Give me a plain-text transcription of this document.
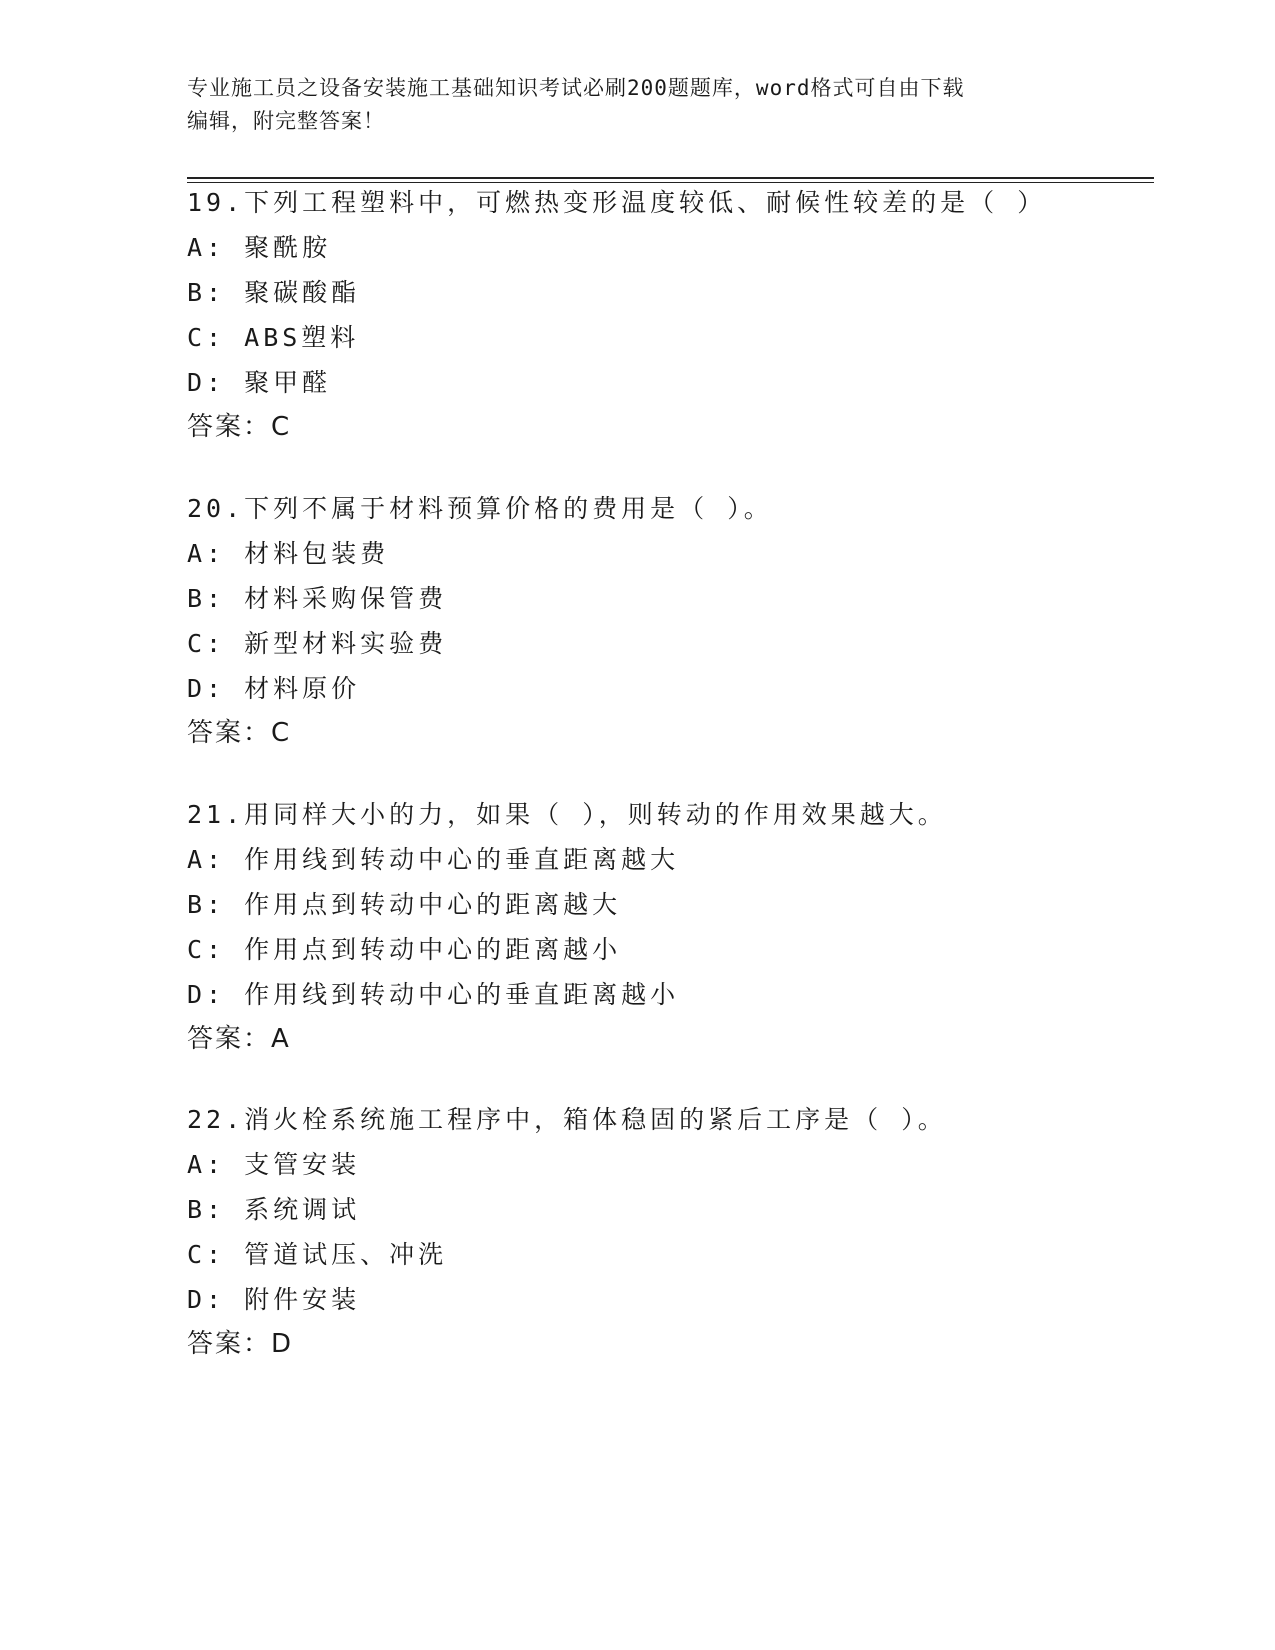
专业施工员之设备安装施工基础知识考试必刷200题题库，word格式可自由下载
编辑，附完整答案！
19.下列工程塑料中，可燃热变形温度较低、耐候性较差的是（ ）
A: 聚酰胺
B: 聚碳酸酯
C: ABS塑料
D: 聚甲醛
答案：C
20.下列不属于材料预算价格的费用是（ ）。
A: 材料包装费
B: 材料采购保管费
C: 新型材料实验费
D: 材料原价
答案：C
21.用同样大小的力，如果（ ），则转动的作用效果越大。
A: 作用线到转动中心的垂直距离越大
B: 作用点到转动中心的距离越大
C: 作用点到转动中心的距离越小
D: 作用线到转动中心的垂直距离越小
答案：A
22.消火栓系统施工程序中，箱体稳固的紧后工序是（ ）。
A: 支管安装
B: 系统调试
C: 管道试压、冲洗
D: 附件安装
答案：D
